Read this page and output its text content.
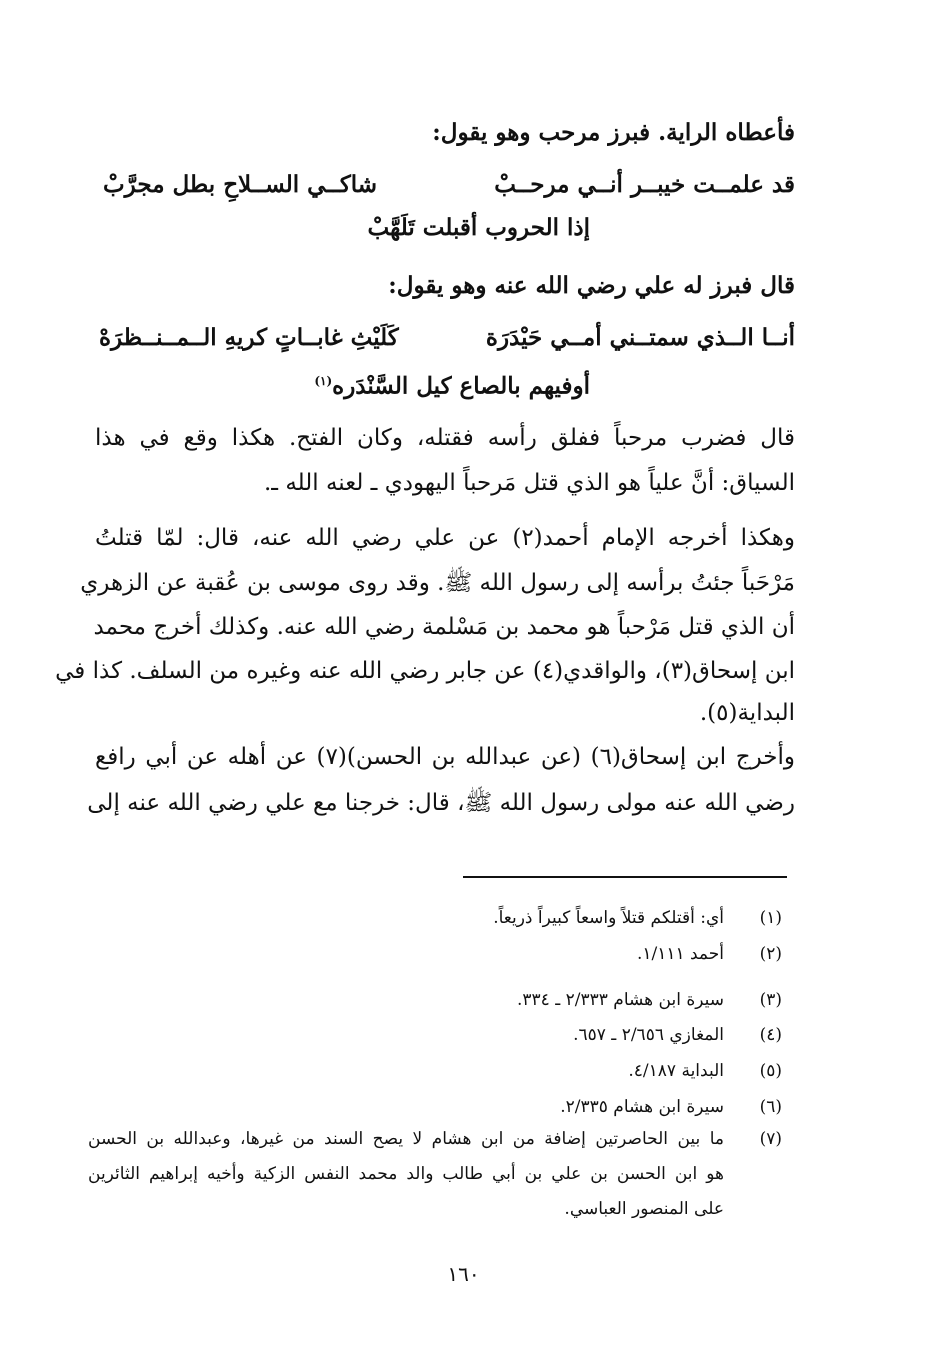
فأعطاه الراية. فبرز مرحب وهو يقول:
قد علمــت خيبــر أنــي مرحــبْ
شاكــي الســلاحِ بطل مجرَّبْ
إذا الحروب أقبلت تَلَهَّبْ
قال فبرز له علي رضي الله عنه وهو يقول:
أنــا الــذي سمتــني أمــي حَيْدَرَة
كَلَيْثِ غابــاتٍ كريهِ الــمــنــظرَهْ
أوفيهم بالصاع كيل السَّنْدَره$^{(١)}$
قال فضرب مرحباً ففلق رأسه فقتله، وكان الفتح. هكذا وقع في هذا
السياق: أنَّ علياً هو الذي قتل مَرحباً اليهودي ـ لعنه الله ـ.
وهكذا أخرجه الإمام أحمد(٢) عن علي رضي الله عنه، قال: لمّا قتلتُ
مَرْحَباً جئتُ برأسه إلى رسول الله ﷺ. وقد روى موسى بن عُقبة عن الزهري
أن الذي قتل مَرْحباً هو محمد بن مَسْلمة رضي الله عنه. وكذلك أخرج محمد
ابن إسحاق(٣)، والواقدي(٤) عن جابر رضي الله عنه وغيره من السلف. كذا في
البداية(٥).
وأخرج ابن إسحاق(٦) (عن عبدالله بن الحسن)(٧) عن أهله عن أبي رافع
رضي الله عنه مولى رسول الله ﷺ، قال: خرجنا مع علي رضي الله عنه إلى
(١)
أي: أقتلكم قتلاً واسعاً كبيراً ذريعاً.
(٢)
أحمد ١/١١١.
(٣)
سيرة ابن هشام ٢/٣٣٣ ـ ٣٣٤.
(٤)
المغازي ٢/٦٥٦ ـ ٦٥٧.
(٥)
البداية ٤/١٨٧.
(٦)
سيرة ابن هشام ٢/٣٣٥.
(٧)
ما بين الحاصرتين إضافة من ابن هشام لا يصح السند من غيرها، وعبدالله بن الحسن
هو ابن الحسن بن علي بن أبي طالب والد محمد النفس الزكية وأخيه إبراهيم الثائرين
على المنصور العباسي.
١٦٠
